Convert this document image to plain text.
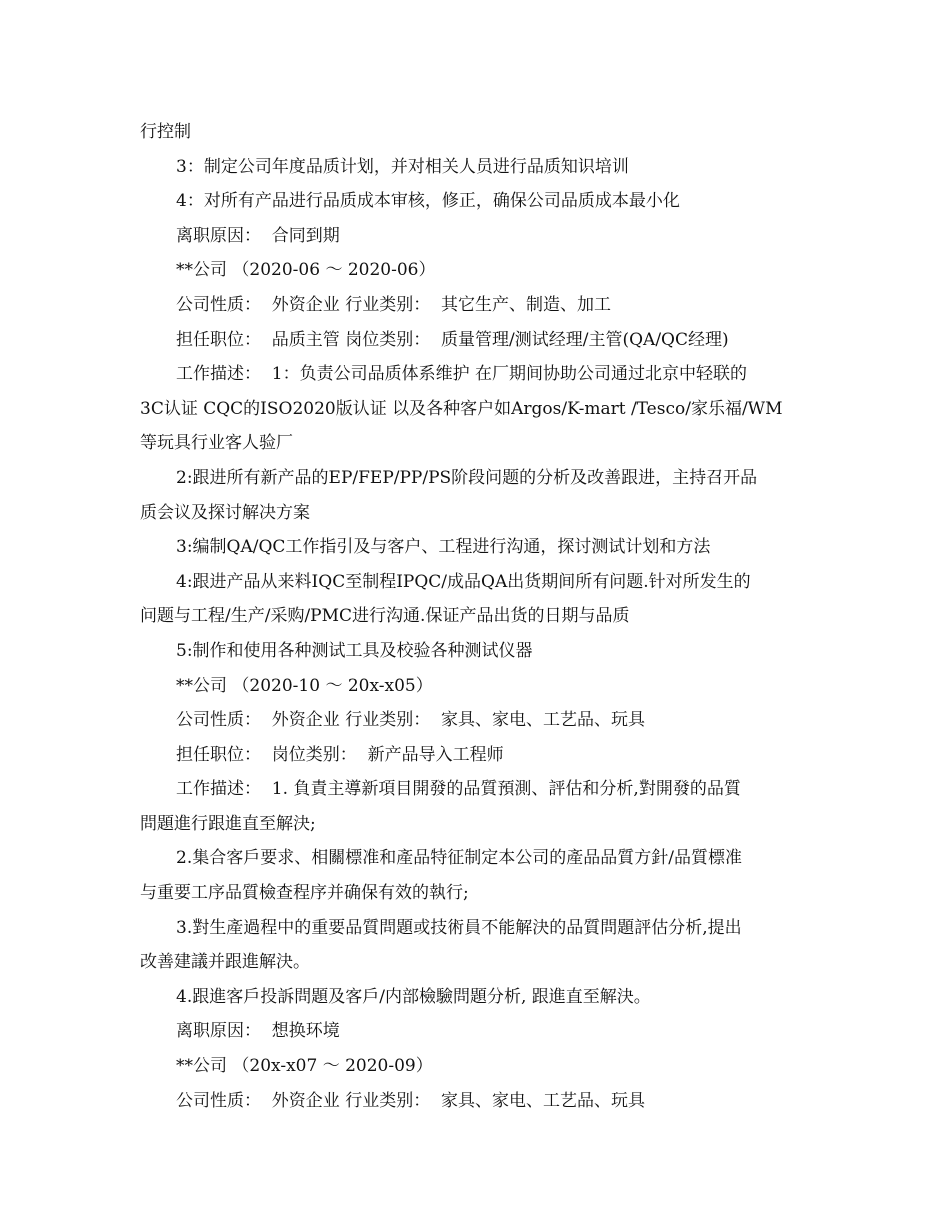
行控制

3：制定公司年度品质计划，并对相关人员进行品质知识培训

4：对所有产品进行品质成本审核，修正，确保公司品质成本最小化

离职原因：  合同到期

**公司 （2020-06 ～ 2020-06）

公司性质：  外资企业 行业类别：  其它生产、制造、加工

担任职位：  品质主管 岗位类别：  质量管理/测试经理/主管(QA/QC经理)

工作描述：  1：负责公司品质体系维护 在厂期间协助公司通过北京中轻联的

3C认证 CQC的ISO2020版认证 以及各种客户如Argos/K-mart /Tesco/家乐福/WM

等玩具行业客人验厂

2:跟进所有新产品的EP/FEP/PP/PS阶段问题的分析及改善跟进，主持召开品

质会议及探讨解决方案

3:编制QA/QC工作指引及与客户、工程进行沟通，探讨测试计划和方法

4:跟进产品从来料IQC至制程IPQC/成品QA出货期间所有问题.针对所发生的

问题与工程/生产/采购/PMC进行沟通.保证产品出货的日期与品质

5:制作和使用各种测试工具及校验各种测试仪器

**公司 （2020-10 ～ 20x-x05）

公司性质：  外资企业 行业类别：  家具、家电、工艺品、玩具

担任职位：  岗位类别：  新产品导入工程师

工作描述：  1. 負責主導新項目開發的品質預測、評估和分析,對開發的品質

問題進行跟進直至解決;

2.集合客戶要求、相關標准和產品特征制定本公司的產品品質方針/品質標准

与重要工序品質檢查程序并确保有效的執行;

3.對生產過程中的重要品質問題或技術員不能解決的品質問題評估分析,提出

改善建議并跟進解決。

4.跟進客戶投訴問題及客戶/内部檢驗問題分析, 跟進直至解決。

离职原因：  想换环境

**公司 （20x-x07 ～ 2020-09）

公司性质：  外资企业 行业类别：  家具、家电、工艺品、玩具
